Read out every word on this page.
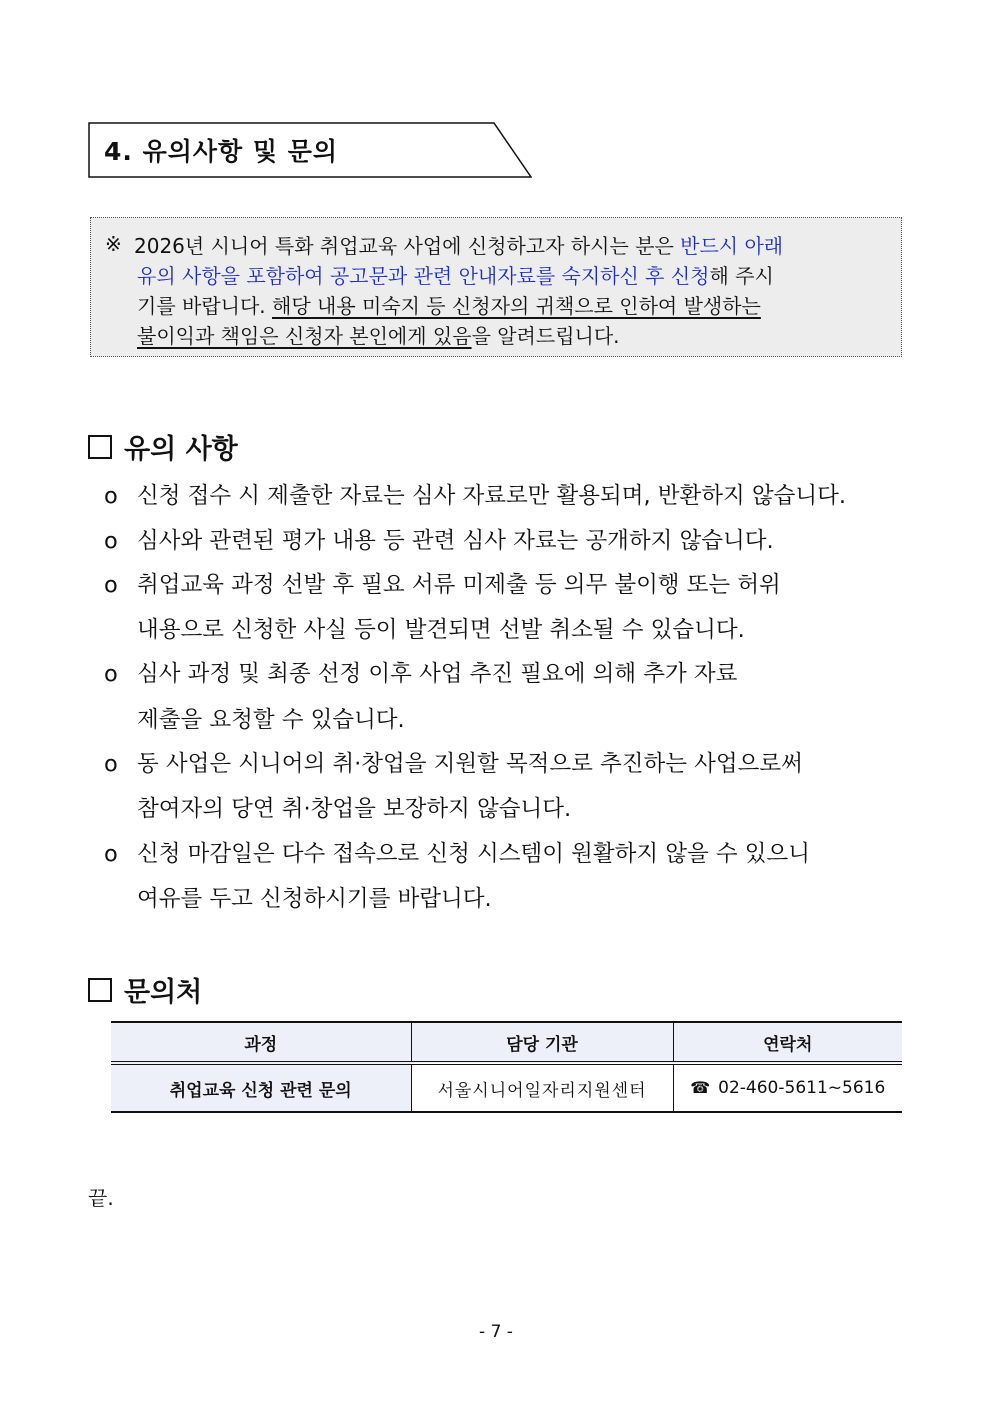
4. 유의사항 및 문의
※ 2026년 시니어 특화 취업교육 사업에 신청하고자 하시는 분은 반드시 아래
유의 사항을 포함하여 공고문과 관련 안내자료를 숙지하신 후 신청해 주시
기를 바랍니다. 해당 내용 미숙지 등 신청자의 귀책으로 인하여 발생하는
불이익과 책임은 신청자 본인에게 있음을 알려드립니다.
유의 사항
ο 신청 접수 시 제출한 자료는 심사 자료로만 활용되며, 반환하지 않습니다.
ο 심사와 관련된 평가 내용 등 관련 심사 자료는 공개하지 않습니다.
ο 취업교육 과정 선발 후 필요 서류 미제출 등 의무 불이행 또는 허위
내용으로 신청한 사실 등이 발견되면 선발 취소될 수 있습니다.
ο 심사 과정 및 최종 선정 이후 사업 추진 필요에 의해 추가 자료
제출을 요청할 수 있습니다.
ο 동 사업은 시니어의 취·창업을 지원할 목적으로 추진하는 사업으로써
참여자의 당연 취·창업을 보장하지 않습니다.
ο 신청 마감일은 다수 접속으로 신청 시스템이 원활하지 않을 수 있으니
여유를 두고 신청하시기를 바랍니다.
문의처
과정	담당 기관	연락처
취업교육 신청 관련 문의	서울시니어일자리지원센터	☎ 02-460-5611~5616
끝.
- 7 -
